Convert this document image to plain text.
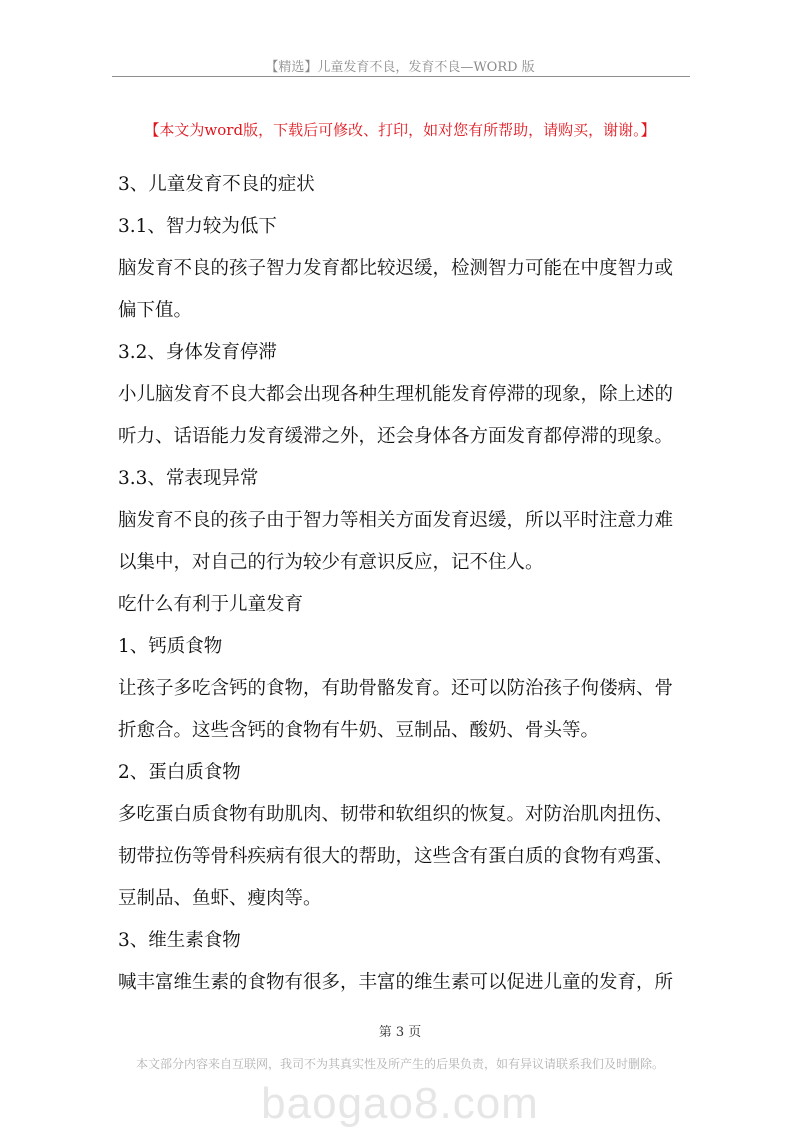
【精选】儿童发育不良，发育不良—WORD 版
【本文为word版，下载后可修改、打印，如对您有所帮助，请购买，谢谢。】
3、儿童发育不良的症状
3.1、智力较为低下
脑发育不良的孩子智力发育都比较迟缓，检测智力可能在中度智力或
偏下值。
3.2、身体发育停滞
小儿脑发育不良大都会出现各种生理机能发育停滞的现象，除上述的
听力、话语能力发育缓滞之外，还会身体各方面发育都停滞的现象。
3.3、常表现异常
脑发育不良的孩子由于智力等相关方面发育迟缓，所以平时注意力难
以集中，对自己的行为较少有意识反应，记不住人。
吃什么有利于儿童发育
1、钙质食物
让孩子多吃含钙的食物，有助骨骼发育。还可以防治孩子佝偻病、骨
折愈合。这些含钙的食物有牛奶、豆制品、酸奶、骨头等。
2、蛋白质食物
多吃蛋白质食物有助肌肉、韧带和软组织的恢复。对防治肌肉扭伤、
韧带拉伤等骨科疾病有很大的帮助，这些含有蛋白质的食物有鸡蛋、
豆制品、鱼虾、瘦肉等。
3、维生素食物
喊丰富维生素的食物有很多，丰富的维生素可以促进儿童的发育，所
第 3 页
本文部分内容来自互联网，我司不为其真实性及所产生的后果负责，如有异议请联系我们及时删除。
baogao8.com
